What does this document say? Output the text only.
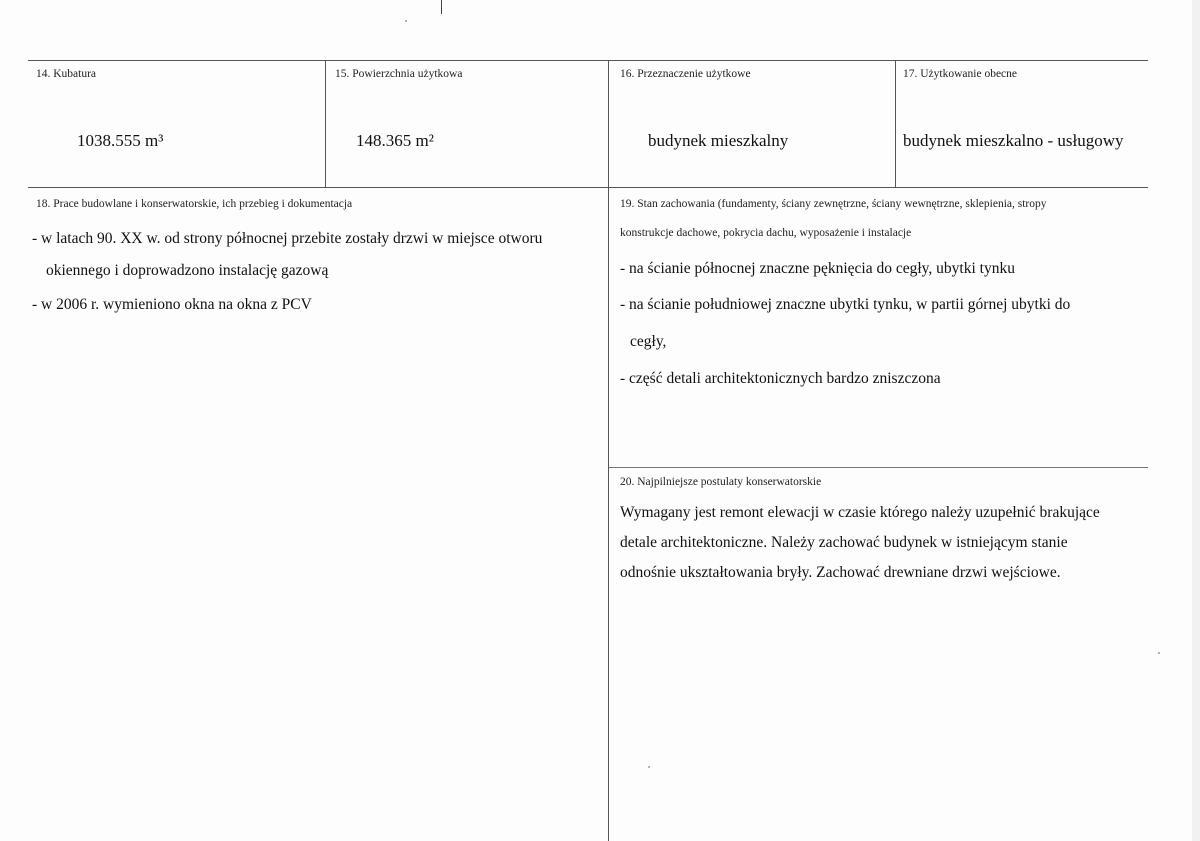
14. Kubatura
1038.555 m³
15. Powierzchnia użytkowa
148.365 m²
16. Przeznaczenie użytkowe
budynek mieszkalny
17. Użytkowanie obecne
budynek mieszkalno - usługowy
18. Prace budowlane i konserwatorskie, ich przebieg i dokumentacja
- w latach 90. XX w. od strony północnej przebite zostały drzwi w miejsce otworu
okiennego i doprowadzono instalację gazową
- w 2006 r. wymieniono okna na okna z PCV
19. Stan zachowania (fundamenty, ściany zewnętrzne, ściany wewnętrzne, sklepienia, stropy
konstrukcje dachowe, pokrycia dachu, wyposażenie i instalacje
- na ścianie północnej znaczne pęknięcia do cegły, ubytki tynku
- na ścianie południowej znaczne ubytki tynku, w partii górnej ubytki do
cegły,
- część detali architektonicznych bardzo zniszczona
20. Najpilniejsze postulaty konserwatorskie
Wymagany jest remont elewacji w czasie którego należy uzupełnić brakujące
detale architektoniczne. Należy zachować budynek w istniejącym stanie
odnośnie ukształtowania bryły. Zachować drewniane drzwi wejściowe.
